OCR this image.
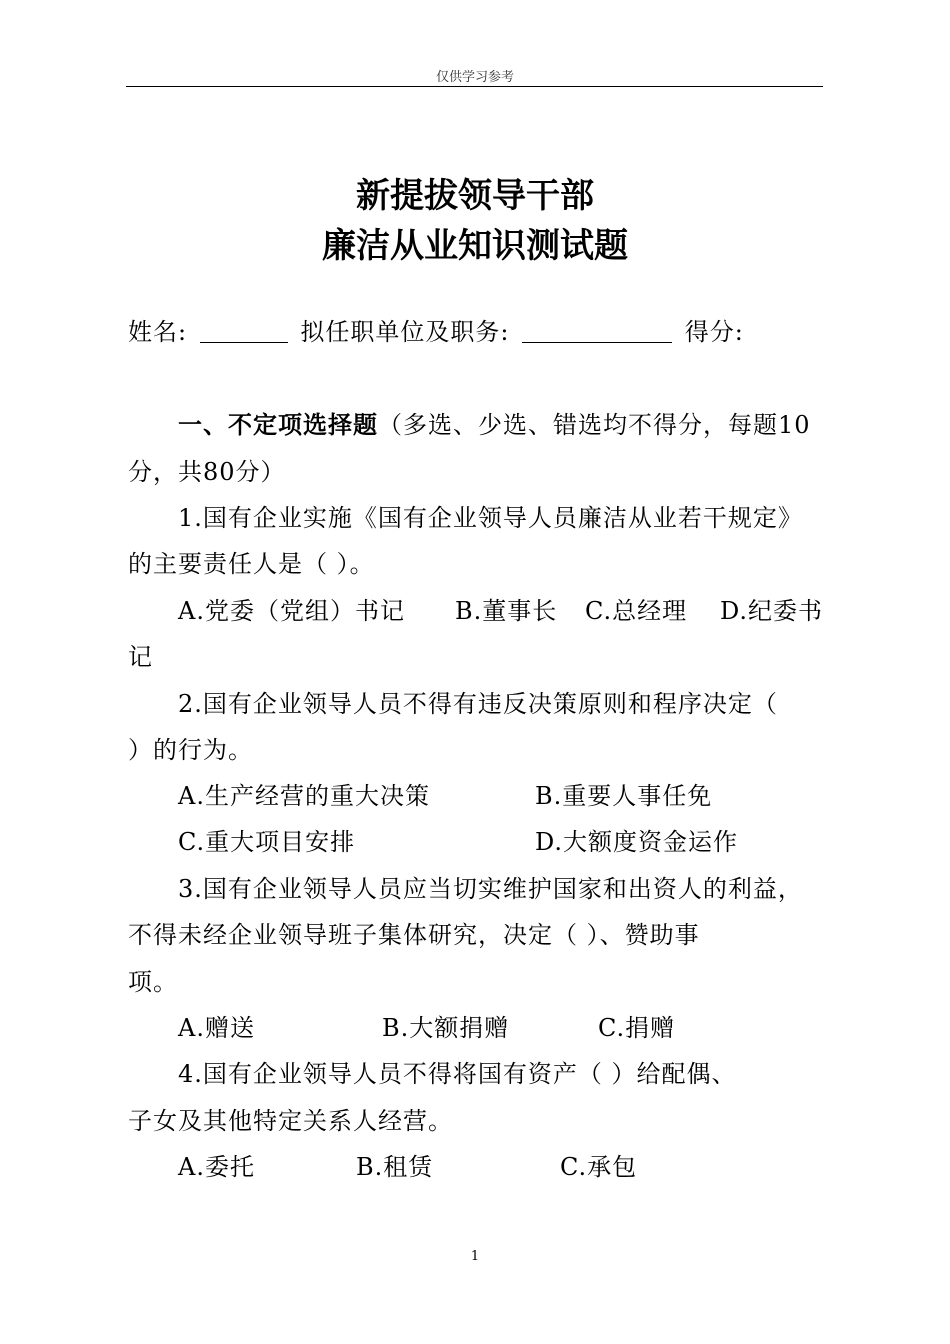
仅供学习参考
新提拔领导干部
廉洁从业知识测试题
姓名:	拟任职单位及职务:	得分:
一、不定项选择题（多选、少选、错选均不得分，每题10
分，共80分）
1.国有企业实施《国有企业领导人员廉洁从业若干规定》
的主要责任人是（ ）。
A.党委（党组）书记 B.董事长 C.总经理 D.纪委书
记
2.国有企业领导人员不得有违反决策原则和程序决定（
）的行为。
A.生产经营的重大决策	B.重要人事任免
C.重大项目安排	D.大额度资金运作
3.国有企业领导人员应当切实维护国家和出资人的利益，
不得未经企业领导班子集体研究，决定（ ）、赞助事
项。
A.赠送	B.大额捐赠	C.捐赠
4.国有企业领导人员不得将国有资产（ ）给配偶、
子女及其他特定关系人经营。
A.委托	B.租赁	C.承包
1
